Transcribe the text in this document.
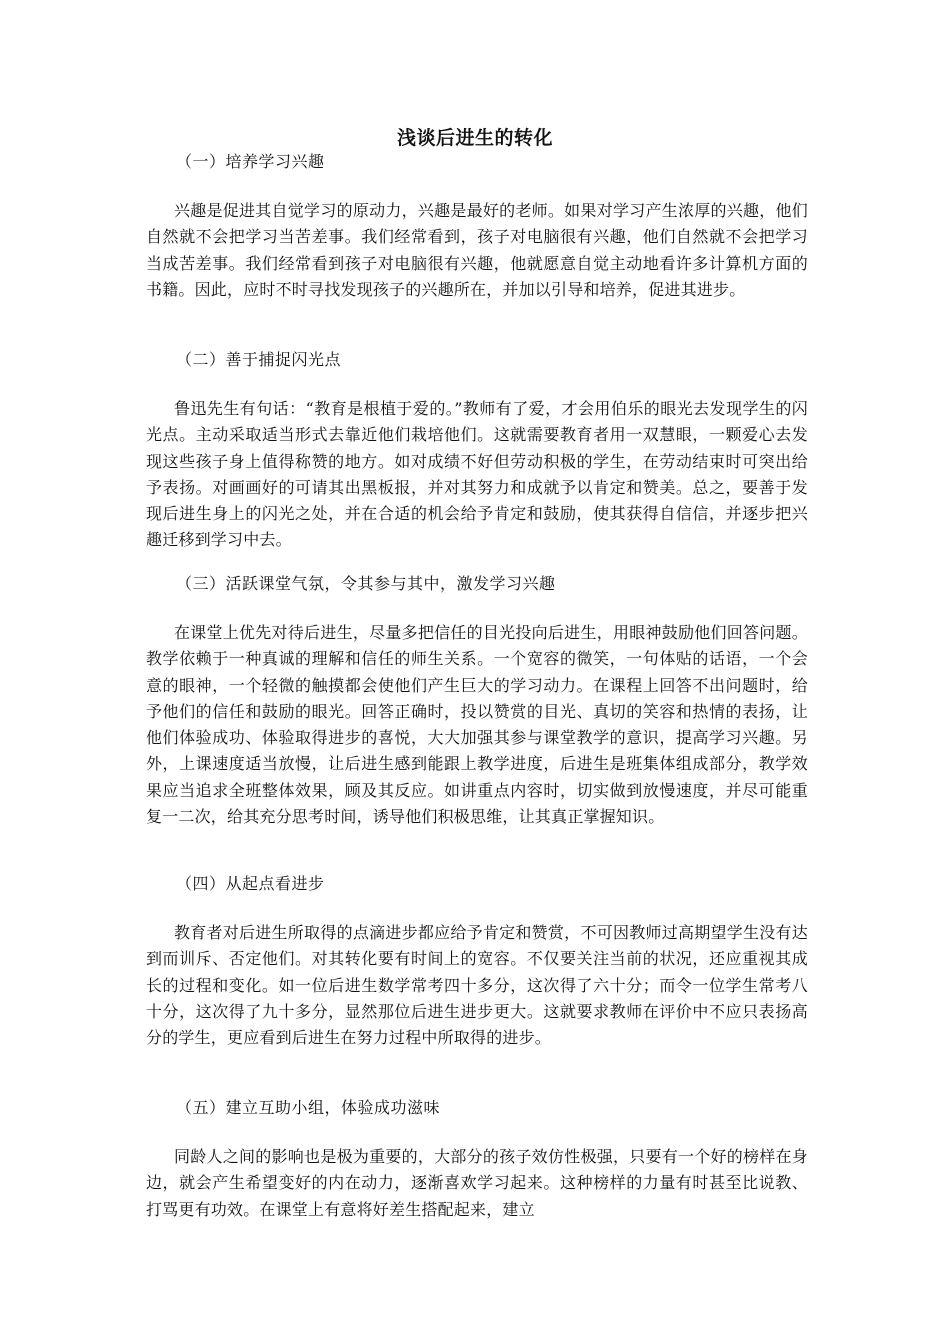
浅谈后进生的转化
（一）培养学习兴趣
兴趣是促进其自觉学习的原动力，兴趣是最好的老师。如果对学习产生浓厚的兴趣，他们自然就不会把学习当苦差事。我们经常看到，孩子对电脑很有兴趣，他们自然就不会把学习当成苦差事。我们经常看到孩子对电脑很有兴趣，他就愿意自觉主动地看许多计算机方面的书籍。因此，应时不时寻找发现孩子的兴趣所在，并加以引导和培养，促进其进步。
（二）善于捕捉闪光点
鲁迅先生有句话：“教育是根植于爱的。”教师有了爱，才会用伯乐的眼光去发现学生的闪光点。主动采取适当形式去靠近他们栽培他们。这就需要教育者用一双慧眼，一颗爱心去发现这些孩子身上值得称赞的地方。如对成绩不好但劳动积极的学生，在劳动结束时可突出给予表扬。对画画好的可请其出黑板报，并对其努力和成就予以肯定和赞美。总之，要善于发现后进生身上的闪光之处，并在合适的机会给予肯定和鼓励，使其获得自信信，并逐步把兴趣迁移到学习中去。
（三）活跃课堂气氛，令其参与其中，激发学习兴趣
在课堂上优先对待后进生，尽量多把信任的目光投向后进生，用眼神鼓励他们回答问题。教学依赖于一种真诚的理解和信任的师生关系。一个宽容的微笑，一句体贴的话语，一个会意的眼神，一个轻微的触摸都会使他们产生巨大的学习动力。在课程上回答不出问题时，给予他们的信任和鼓励的眼光。回答正确时，投以赞赏的目光、真切的笑容和热情的表扬，让他们体验成功、体验取得进步的喜悦，大大加强其参与课堂教学的意识，提高学习兴趣。另外，上课速度适当放慢，让后进生感到能跟上教学进度，后进生是班集体组成部分，教学效果应当追求全班整体效果，顾及其反应。如讲重点内容时，切实做到放慢速度，并尽可能重复一二次，给其充分思考时间，诱导他们积极思维，让其真正掌握知识。
（四）从起点看进步
教育者对后进生所取得的点滴进步都应给予肯定和赞赏，不可因教师过高期望学生没有达到而训斥、否定他们。对其转化要有时间上的宽容。不仅要关注当前的状况，还应重视其成长的过程和变化。如一位后进生数学常考四十多分，这次得了六十分；而令一位学生常考八十分，这次得了九十多分，显然那位后进生进步更大。这就要求教师在评价中不应只表扬高分的学生，更应看到后进生在努力过程中所取得的进步。
（五）建立互助小组，体验成功滋味
同龄人之间的影响也是极为重要的，大部分的孩子效仿性极强，只要有一个好的榜样在身边，就会产生希望变好的内在动力，逐渐喜欢学习起来。这种榜样的力量有时甚至比说教、打骂更有功效。在课堂上有意将好差生搭配起来，建立
